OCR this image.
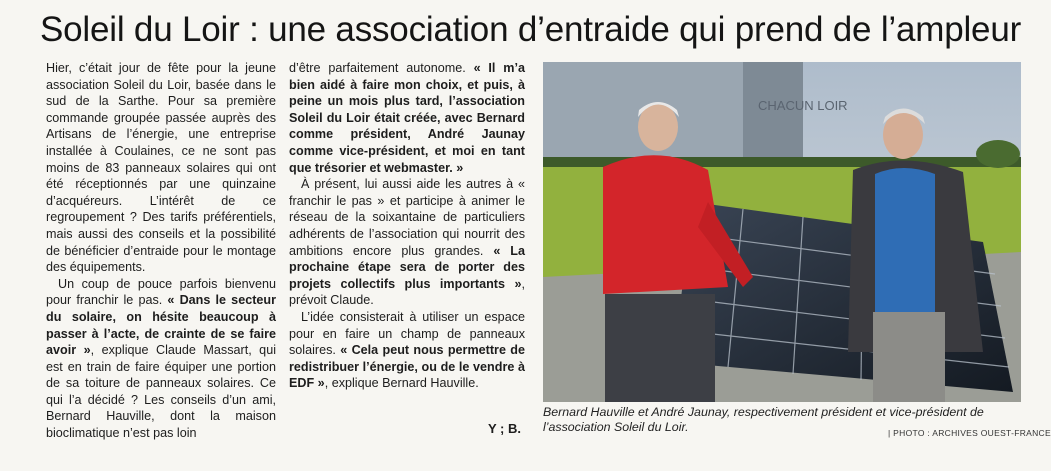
Soleil du Loir : une association d’entraide qui prend de l’ampleur

Hier, c’était jour de fête pour la jeune association Soleil du Loir, basée dans le sud de la Sarthe. Pour sa première commande groupée passée auprès des Artisans de l’énergie, une entreprise installée à Coulaines, ce ne sont pas moins de 83 panneaux solaires qui ont été réceptionnés par une quinzaine d’acquéreurs. L’intérêt de ce regroupement ? Des tarifs préférentiels, mais aussi des conseils et la possibilité de bénéficier d’entraide pour le montage des équipements.

Un coup de pouce parfois bienvenu pour franchir le pas. « Dans le secteur du solaire, on hésite beaucoup à passer à l’acte, de crainte de se faire avoir », explique Claude Massart, qui est en train de faire équiper une portion de sa toiture de panneaux solaires. Ce qui l’a décidé ? Les conseils d’un ami, Bernard Hauville, dont la maison bioclimatique n’est pas loin

d’être parfaitement autonome. « Il m’a bien aidé à faire mon choix, et puis, à peine un mois plus tard, l’association Soleil du Loir était créée, avec Bernard comme président, André Jaunay comme vice-président, et moi en tant que trésorier et webmaster. »

À présent, lui aussi aide les autres à « franchir le pas » et participe à animer le réseau de la soixantaine de particuliers adhérents de l’association qui nourrit des ambitions encore plus grandes. « La prochaine étape sera de porter des projets collectifs plus importants », prévoit Claude.

L’idée consisterait à utiliser un espace pour en faire un champ de panneaux solaires. « Cela peut nous permettre de redistribuer l’énergie, ou de le vendre à EDF », explique Bernard Hauville.

Y ; B.
CHACUN LOIR
Bernard Hauville et André Jaunay, respectivement président et vice-président de l’association Soleil du Loir.	| PHOTO : ARCHIVES OUEST-FRANCE
